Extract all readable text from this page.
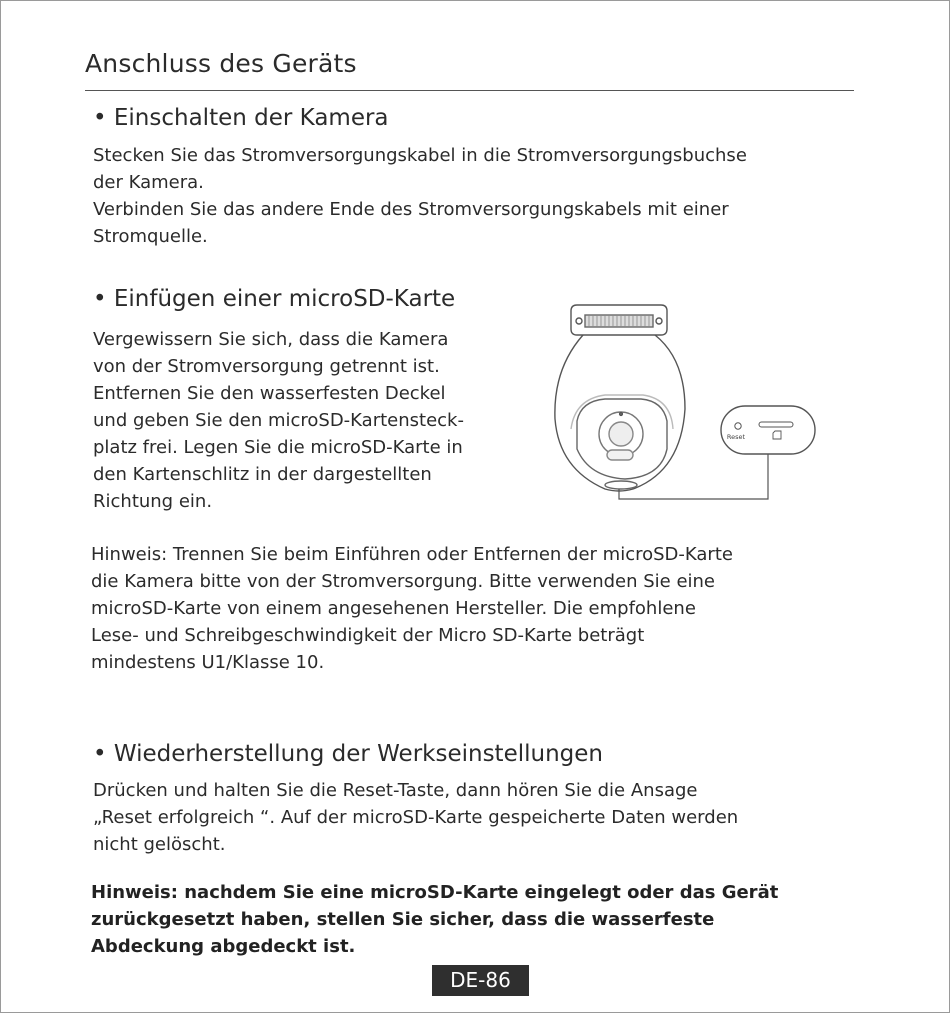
Anschluss des Geräts
• Einschalten der Kamera

Stecken Sie das Stromversorgungskabel in die Stromversorgungsbuchse

der Kamera.

Verbinden Sie das andere Ende des Stromversorgungskabels mit einer

Stromquelle.

• Einfügen einer microSD-Karte

Vergewissern Sie sich, dass die Kamera

von der Stromversorgung getrennt ist.

Entfernen Sie den wasserfesten Deckel

und geben Sie den microSD-Kartensteck-

platz frei. Legen Sie die microSD-Karte in

den Kartenschlitz in der dargestellten

Richtung ein.

Reset

Hinweis: Trennen Sie beim Einführen oder Entfernen der microSD-Karte

die Kamera bitte von der Stromversorgung. Bitte verwenden Sie eine

microSD-Karte von einem angesehenen Hersteller. Die empfohlene

Lese- und Schreibgeschwindigkeit der Micro SD-Karte beträgt

mindestens U1/Klasse 10.

• Wiederherstellung der Werkseinstellungen

Drücken und halten Sie die Reset-Taste, dann hören Sie die Ansage

„Reset erfolgreich “. Auf der microSD-Karte gespeicherte Daten werden

nicht gelöscht.

Hinweis: nachdem Sie eine microSD-Karte eingelegt oder das Gerät

zurückgesetzt haben, stellen Sie sicher, dass die wasserfeste

Abdeckung abgedeckt ist.

DE-86
